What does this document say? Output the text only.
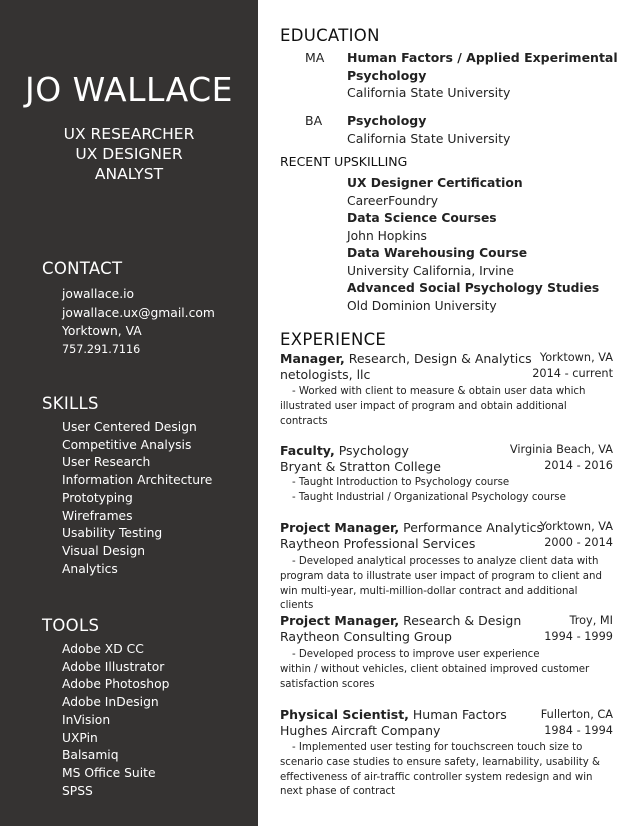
JO WALLACE
UX RESEARCHER
UX DESIGNER
ANALYST
CONTACT
jowallace.io
jowallace.ux@gmail.com
Yorktown, VA
757.291.7116
SKILLS
User Centered Design
Competitive Analysis
User Research
Information Architecture
Prototyping
Wireframes
Usability Testing
Visual Design
Analytics
TOOLS
Adobe XD CC
Adobe Illustrator
Adobe Photoshop
Adobe InDesign
InVision
UXPin
Balsamiq
MS Office Suite
SPSS
EDUCATION
MA Human Factors / Applied Experimental
Psychology
California State University
BA Psychology
California State University
RECENT UPSKILLING
UX Designer Certification
CareerFoundry
Data Science Courses
John Hopkins
Data Warehousing Course
University California, Irvine
Advanced Social Psychology Studies
Old Dominion University
EXPERIENCE
Manager, Research, Design & Analytics
netologists, llc
Yorktown, VA
2014 - current
- Worked with client to measure & obtain user data which
illustrated user impact of program and obtain additional
contracts
Faculty, Psychology
Bryant & Stratton College
Virginia Beach, VA
2014 - 2016
- Taught Introduction to Psychology course
- Taught Industrial / Organizational Psychology course
Project Manager, Performance Analytics
Raytheon Professional Services
Yorktown, VA
2000 - 2014
- Developed analytical processes to analyze client data with
program data to illustrate user impact of program to client and
win multi-year, multi-million-dollar contract and additional clients
Project Manager, Research & Design
Raytheon Consulting Group
Troy, MI
1994 - 1999
- Developed process to improve user experience
within / without vehicles, client obtained improved customer
satisfaction scores
Physical Scientist, Human Factors
Hughes Aircraft Company
Fullerton, CA
1984 - 1994
- Implemented user testing for touchscreen touch size to
scenario case studies to ensure safety, learnability, usability &
effectiveness of air-traffic controller system redesign and win
next phase of contract
